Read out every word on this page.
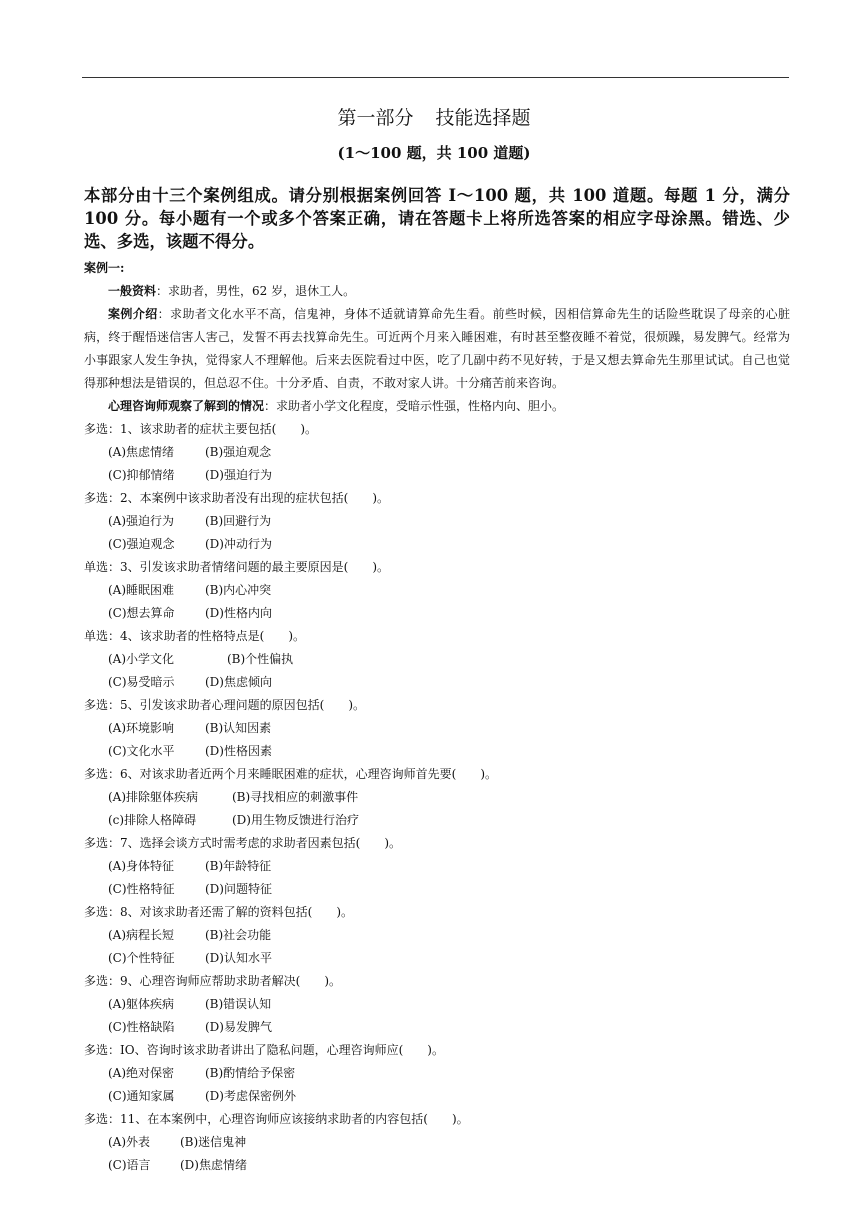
第一部分 技能选择题
(1～100 题，共 100 道题)
本部分由十三个案例组成。请分别根据案例回答 I～100 题，共 100 道题。每题 1 分，满分 100 分。每小题有一个或多个答案正确，请在答题卡上将所选答案的相应字母涂黑。错选、少选、多选，该题不得分。
案例一:
一般资料：求助者，男性，62 岁，退休工人。
案例介绍：求助者文化水平不高，信鬼神，身体不适就请算命先生看。前些时候，因相信算命先生的话险些耽误了母亲的心脏病，终于醒悟迷信害人害己，发誓不再去找算命先生。可近两个月来入睡困难，有时甚至整夜睡不着觉，很烦躁，易发脾气。经常为小事跟家人发生争执，觉得家人不理解他。后来去医院看过中医，吃了几副中药不见好转，于是又想去算命先生那里试试。自己也觉得那种想法是错误的，但总忍不住。十分矛盾、自责，不敢对家人讲。十分痛苦前来咨询。
心理咨询师观察了解到的情况：求助者小学文化程度，受暗示性强，性格内向、胆小。
多选：1、该求助者的症状主要包括(　　)。
(A)焦虑情绪	(B)强迫观念
(C)抑郁情绪	(D)强迫行为
多选：2、本案例中该求助者没有出现的症状包括(　　)。
(A)强迫行为	(B)回避行为
(C)强迫观念	(D)冲动行为
单选：3、引发该求助者情绪问题的最主要原因是(　　)。
(A)睡眠困难	(B)内心冲突
(C)想去算命	(D)性格内向
单选：4、该求助者的性格特点是(　　)。
(A)小学文化	(B)个性偏执
(C)易受暗示	(D)焦虑倾向
多选：5、引发该求助者心理问题的原因包括(　　)。
(A)环境影响	(B)认知因素
(C)文化水平	(D)性格因素
多选：6、对该求助者近两个月来睡眠困难的症状，心理咨询师首先要(　　)。
(A)排除躯体疾病	(B)寻找相应的刺激事件
(c)排除人格障碍	(D)用生物反馈进行治疗
多选：7、选择会谈方式时需考虑的求助者因素包括(　　)。
(A)身体特征	(B)年龄特征
(C)性格特征	(D)问题特征
多选：8、对该求助者还需了解的资料包括(　　)。
(A)病程长短	(B)社会功能
(C)个性特征	(D)认知水平
多选：9、心理咨询师应帮助求助者解决(　　)。
(A)躯体疾病	(B)错误认知
(C)性格缺陷	(D)易发脾气
多选：IO、咨询时该求助者讲出了隐私问题，心理咨询师应(　　)。
(A)绝对保密	(B)酌情给予保密
(C)通知家属	(D)考虑保密例外
多选：11、在本案例中，心理咨询师应该接纳求助者的内容包括(　　)。
(A)外表 (B)迷信鬼神
(C)语言 (D)焦虑情绪
